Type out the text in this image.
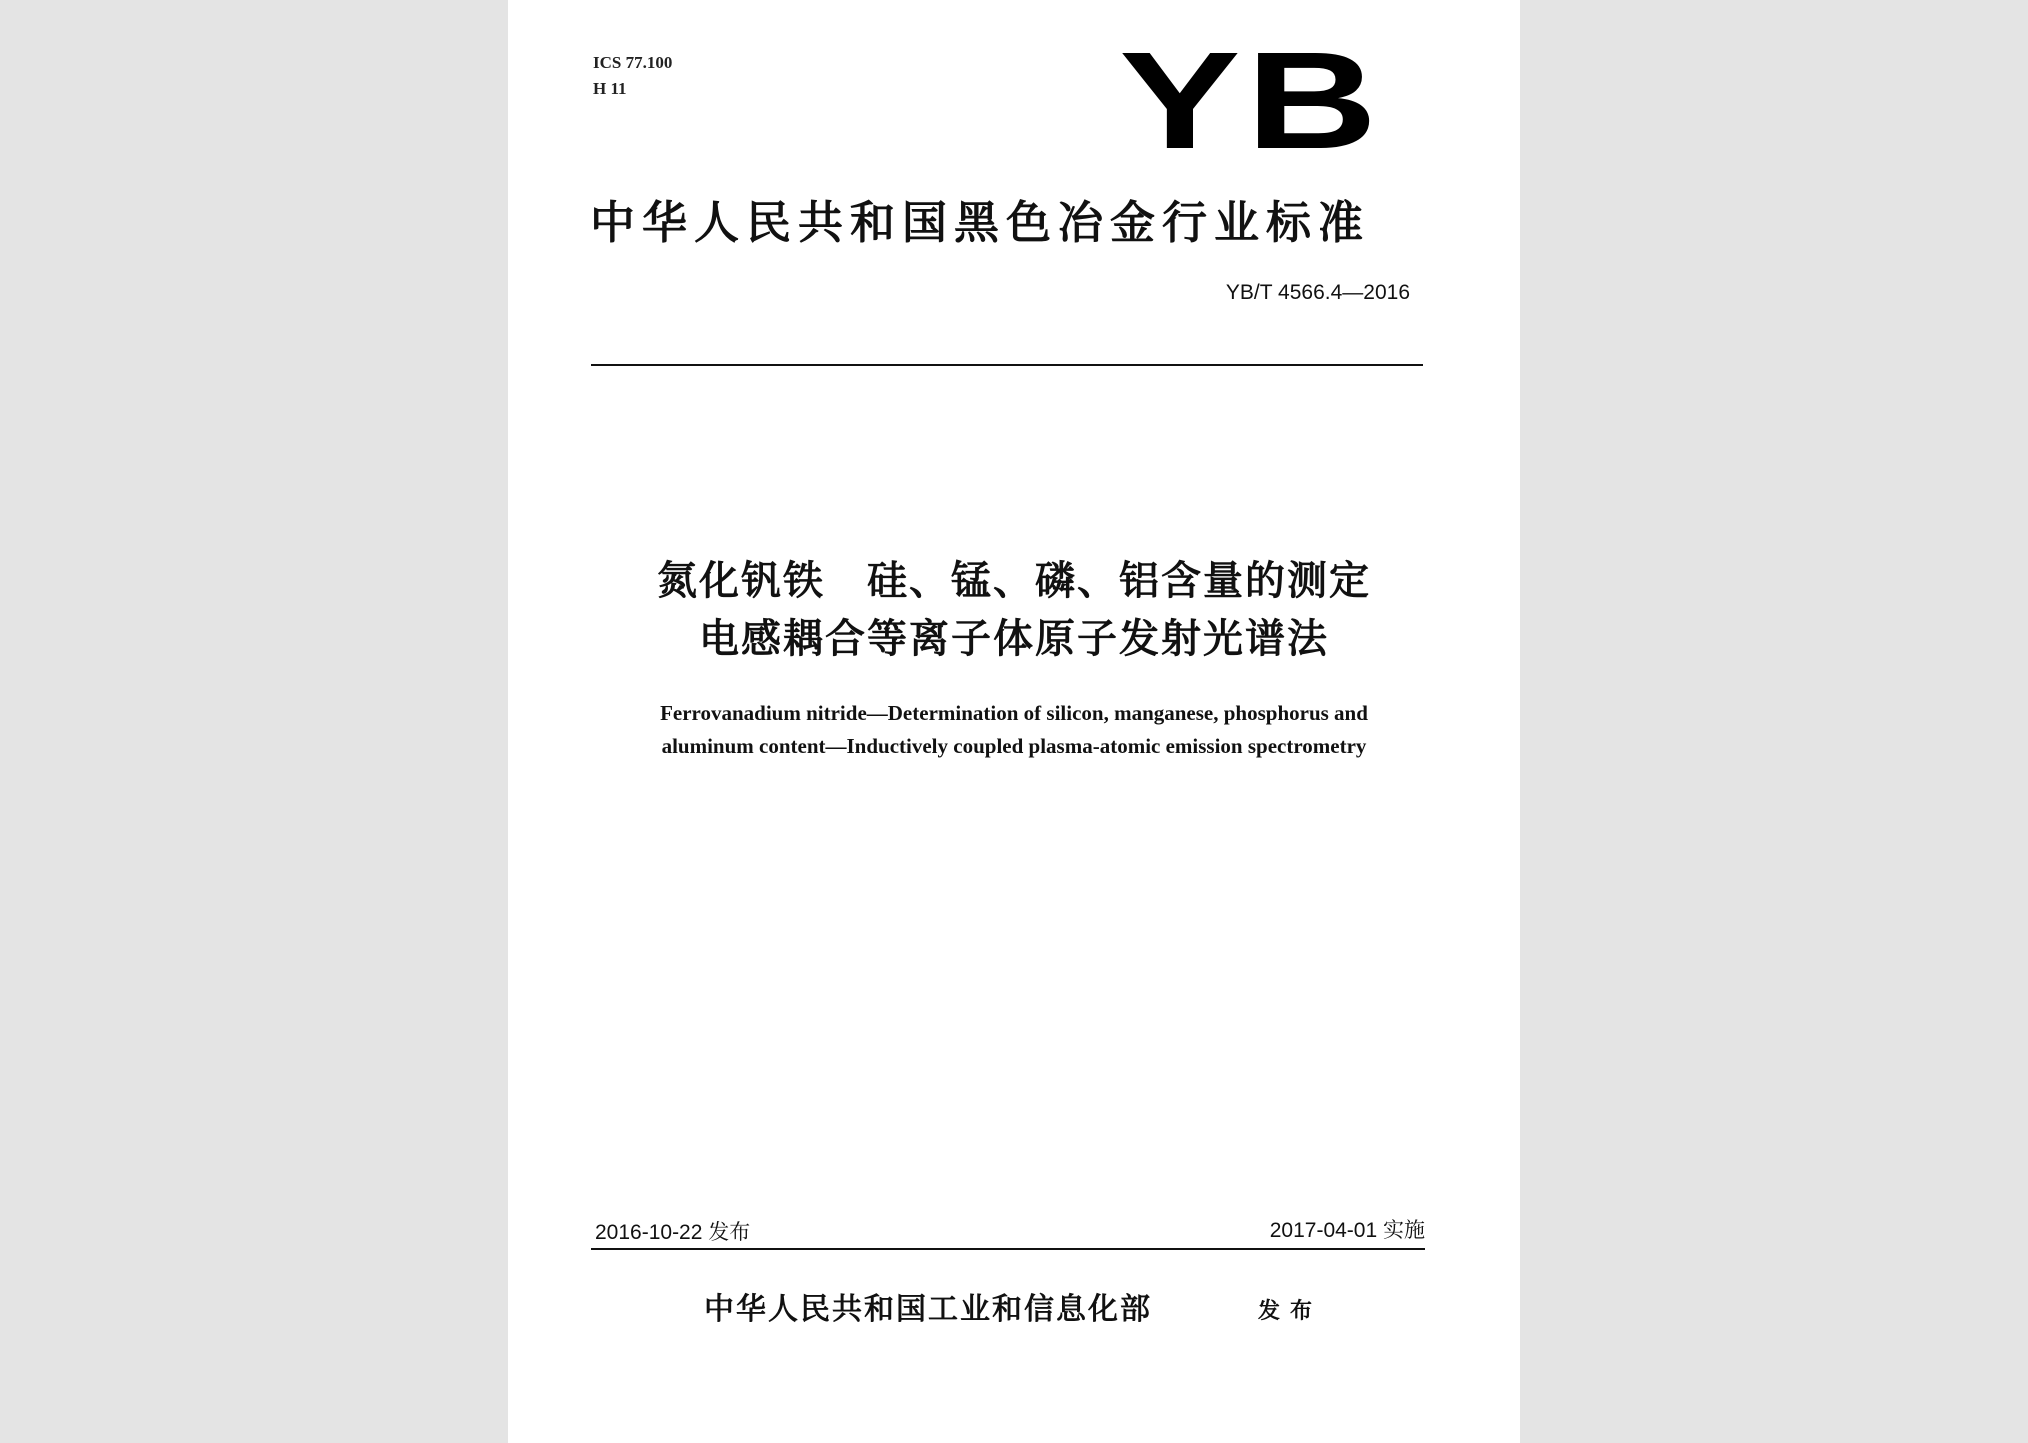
ICS 77.100
H 11	YB
中华人民共和国黑色冶金行业标准
YB/T 4566.4—2016
氮化钒铁　硅、锰、磷、铝含量的测定
电感耦合等离子体原子发射光谱法
Ferrovanadium nitride—Determination of silicon, manganese, phosphorus and
aluminum content—Inductively coupled plasma-atomic emission spectrometry
2016-10-22 发布	2017-04-01 实施
中华人民共和国工业和信息化部	发布
